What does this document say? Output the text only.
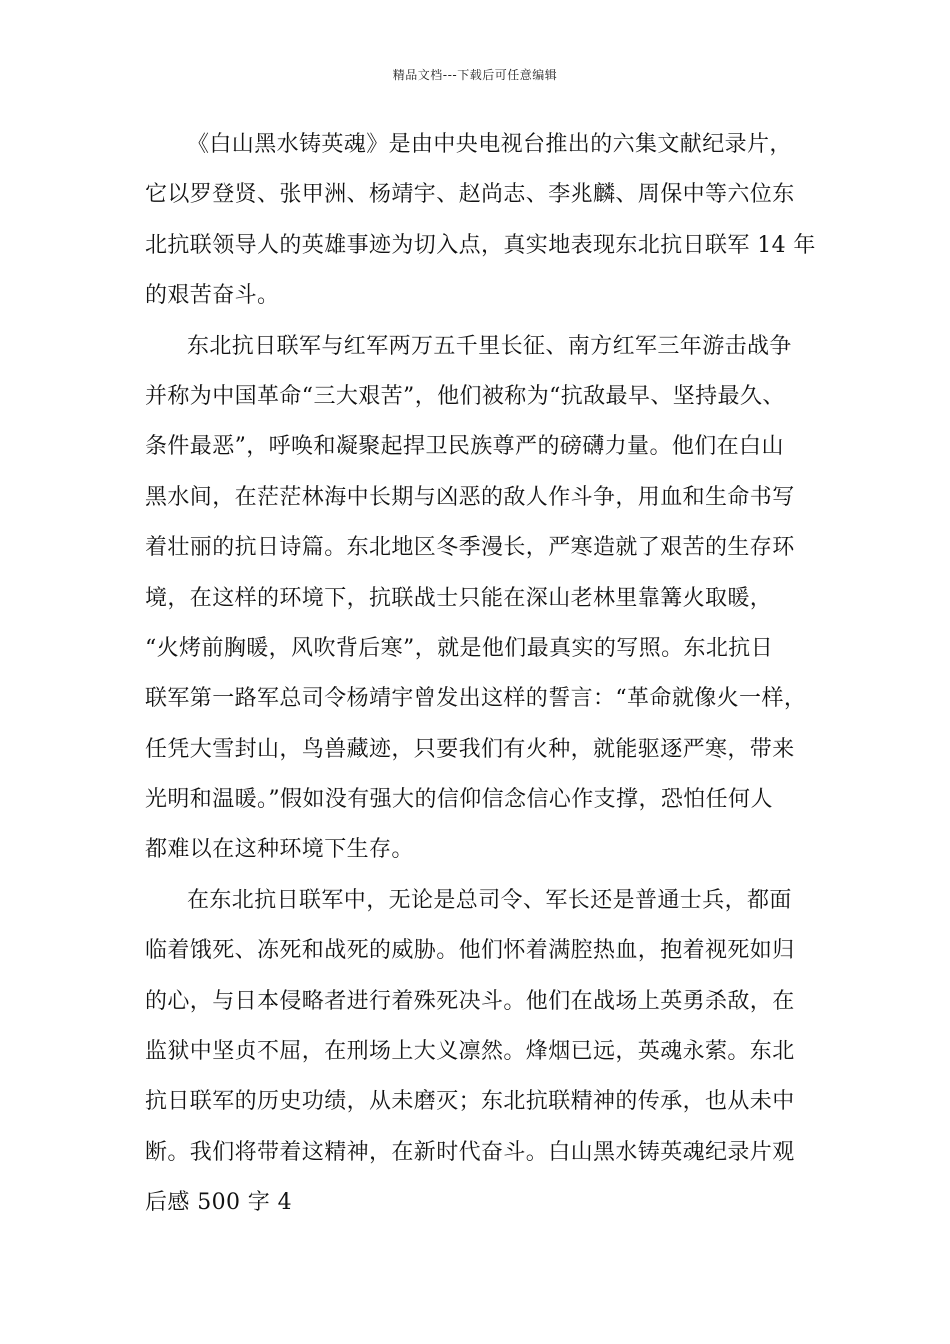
精品文档---下载后可任意编辑
《白山黑水铸英魂》是由中央电视台推出的六集文献纪录片，
它以罗登贤、张甲洲、杨靖宇、赵尚志、李兆麟、周保中等六位东
北抗联领导人的英雄事迹为切入点，真实地表现东北抗日联军 14 年
的艰苦奋斗。
东北抗日联军与红军两万五千里长征、南方红军三年游击战争
并称为中国革命“三大艰苦”，他们被称为“抗敌最早、坚持最久、
条件最恶”，呼唤和凝聚起捍卫民族尊严的磅礴力量。他们在白山
黑水间，在茫茫林海中长期与凶恶的敌人作斗争，用血和生命书写
着壮丽的抗日诗篇。东北地区冬季漫长，严寒造就了艰苦的生存环
境，在这样的环境下，抗联战士只能在深山老林里靠篝火取暖，
“火烤前胸暖，风吹背后寒”，就是他们最真实的写照。东北抗日
联军第一路军总司令杨靖宇曾发出这样的誓言：“革命就像火一样，
任凭大雪封山，鸟兽藏迹，只要我们有火种，就能驱逐严寒，带来
光明和温暖。”假如没有强大的信仰信念信心作支撑，恐怕任何人
都难以在这种环境下生存。
在东北抗日联军中，无论是总司令、军长还是普通士兵，都面
临着饿死、冻死和战死的威胁。他们怀着满腔热血，抱着视死如归
的心，与日本侵略者进行着殊死决斗。他们在战场上英勇杀敌，在
监狱中坚贞不屈，在刑场上大义凛然。烽烟已远，英魂永萦。东北
抗日联军的历史功绩，从未磨灭；东北抗联精神的传承，也从未中
断。我们将带着这精神，在新时代奋斗。白山黑水铸英魂纪录片观
后感 500 字 4
